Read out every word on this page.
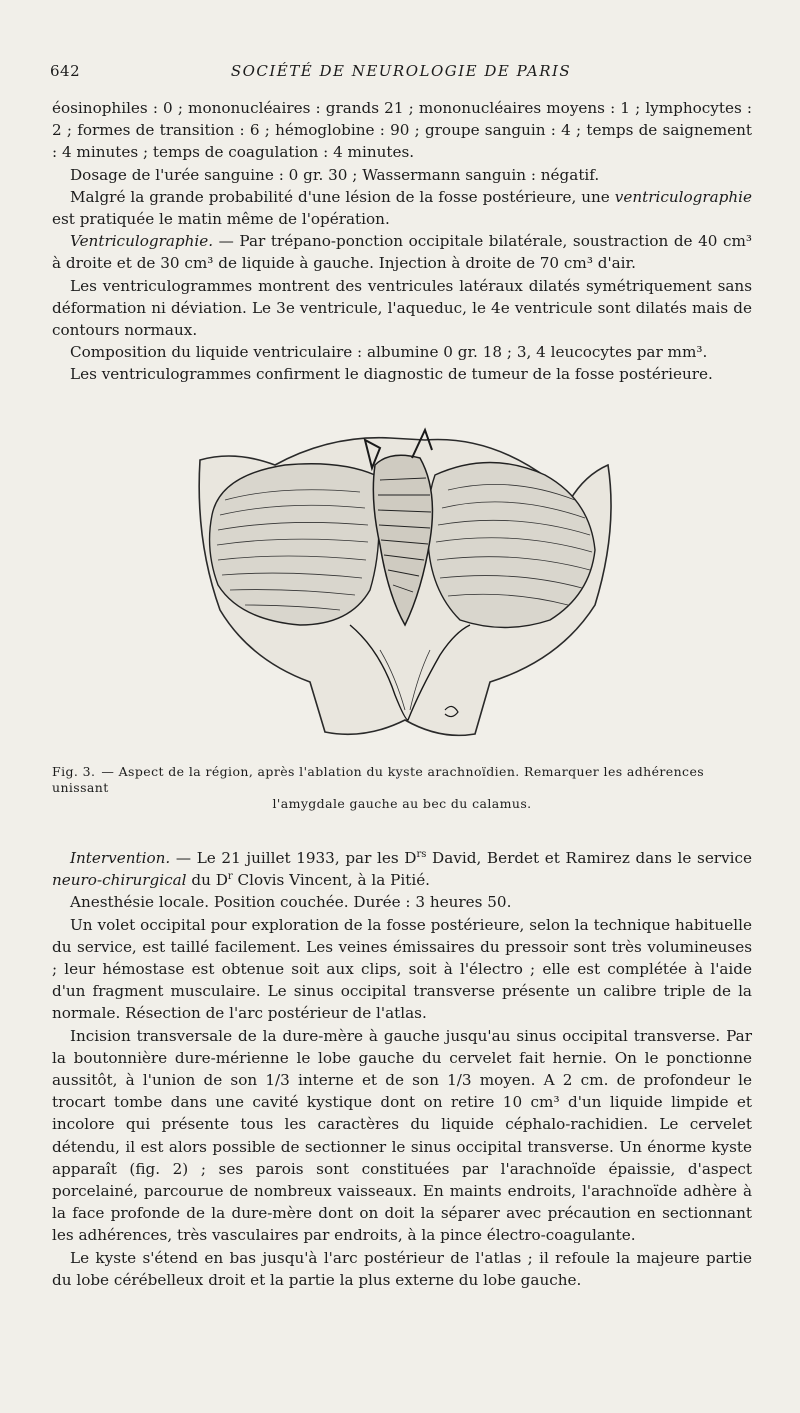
642	SOCIÉTÉ DE NEUROLOGIE DE PARIS

éosinophiles : 0 ; mononucléaires : grands 21 ; mononucléaires moyens : 1 ; lymphocytes : 2 ; formes de transition : 6 ; hémoglobine : 90 ; groupe sanguin : 4 ; temps de saignement : 4 minutes ; temps de coagulation : 4 minutes.

Dosage de l'urée sanguine : 0 gr. 30 ; Wassermann sanguin : négatif.

Malgré la grande probabilité d'une lésion de la fosse postérieure, une ventriculographie est pratiquée le matin même de l'opération.

Ventriculographie. — Par trépano-ponction occipitale bilatérale, soustraction de 40 cm³ à droite et de 30 cm³ de liquide à gauche. Injection à droite de 70 cm³ d'air.

Les ventriculogrammes montrent des ventricules latéraux dilatés symétriquement sans déformation ni déviation. Le 3e ventricule, l'aqueduc, le 4e ventricule sont dilatés mais de contours normaux.

Composition du liquide ventriculaire : albumine 0 gr. 18 ; 3, 4 leucocytes par mm³.

Les ventriculogrammes confirment le diagnostic de tumeur de la fosse postérieure.

Fig. 3. — Aspect de la région, après l'ablation du kyste arachnoïdien. Remarquer les adhérences unissant
l'amygdale gauche au bec du calamus.

Intervention. — Le 21 juillet 1933, par les $D^{rs}$ David, Berdet et Ramirez dans le service neuro-chirurgical du $D^r$ Clovis Vincent, à la Pitié.

Anesthésie locale. Position couchée. Durée : 3 heures 50.

Un volet occipital pour exploration de la fosse postérieure, selon la technique habituelle du service, est taillé facilement. Les veines émissaires du pressoir sont très volumineuses ; leur hémostase est obtenue soit aux clips, soit à l'électro ; elle est complétée à l'aide d'un fragment musculaire. Le sinus occipital transverse présente un calibre triple de la normale. Résection de l'arc postérieur de l'atlas.

Incision transversale de la dure-mère à gauche jusqu'au sinus occipital transverse. Par la boutonnière dure-mérienne le lobe gauche du cervelet fait hernie. On le ponctionne aussitôt, à l'union de son 1/3 interne et de son 1/3 moyen. A 2 cm. de profondeur le trocart tombe dans une cavité kystique dont on retire 10 cm³ d'un liquide limpide et incolore qui présente tous les caractères du liquide céphalo-rachidien. Le cervelet détendu, il est alors possible de sectionner le sinus occipital transverse. Un énorme kyste apparaît (fig. 2) ; ses parois sont constituées par l'arachnoïde épaissie, d'aspect porcelainé, parcourue de nombreux vaisseaux. En maints endroits, l'arachnoïde adhère à la face profonde de la dure-mère dont on doit la séparer avec précaution en sectionnant les adhérences, très vasculaires par endroits, à la pince électro-coagulante.

Le kyste s'étend en bas jusqu'à l'arc postérieur de l'atlas ; il refoule la majeure partie du lobe cérébelleux droit et la partie la plus externe du lobe gauche.
